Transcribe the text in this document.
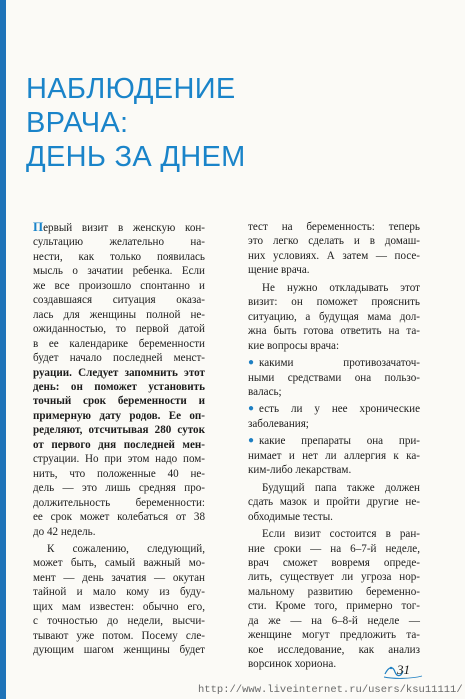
НАБЛЮДЕНИЕ
ВРАЧА:
ДЕНЬ ЗА ДНЕМ
Первый визит в женскую кон-
сультацию желательно на-
нести, как только появилась
мысль о зачатии ребенка. Если
же все произошло спонтанно и
создавшаяся ситуация оказа-
лась для женщины полной не-
ожиданностью, то первой датой
в ее календарике беременности
будет начало последней менст-
руации. Следует запомнить этот
день: он поможет установить
точный срок беременности и
примерную дату родов. Ее оп-
ределяют, отсчитывая 280 суток
от первого дня последней мен-
струации. Но при этом надо пом-
нить, что положенные 40 не-
дель — это лишь средняя про-
должительность беременности:
ее срок может колебаться от 38
до 42 недель.
К сожалению, следующий,
может быть, самый важный мо-
мент — день зачатия — окутан
тайной и мало кому из буду-
щих мам известен: обычно его,
с точностью до недели, высчи-
тывают уже потом. Посему сле-
дующим шагом женщины будет
тест на беременность: теперь
это легко сделать и в домаш-
них условиях. А затем — посе-
щение врача.
Не нужно откладывать этот
визит: он поможет прояснить
ситуацию, а будущая мама дол-
жна быть готова ответить на та-
кие вопросы врача:
● какими противозачаточ-
ными средствами она пользо-
валась;
● есть ли у нее хронические
заболевания;
● какие препараты она при-
нимает и нет ли аллергия к ка-
ким-либо лекарствам.
Будущий папа также должен
сдать мазок и пройти другие не-
обходимые тесты.
Если визит состоится в ран-
ние сроки — на 6–7-й неделе,
врач сможет вовремя опреде-
лить, существует ли угроза нор-
мальному развитию беременно-
сти. Кроме того, примерно тог-
да же — на 6–8-й неделе —
женщине могут предложить та-
кое исследование, как анализ
ворсинок хориона.	31
http://www.liveinternet.ru/users/ksu11111/
